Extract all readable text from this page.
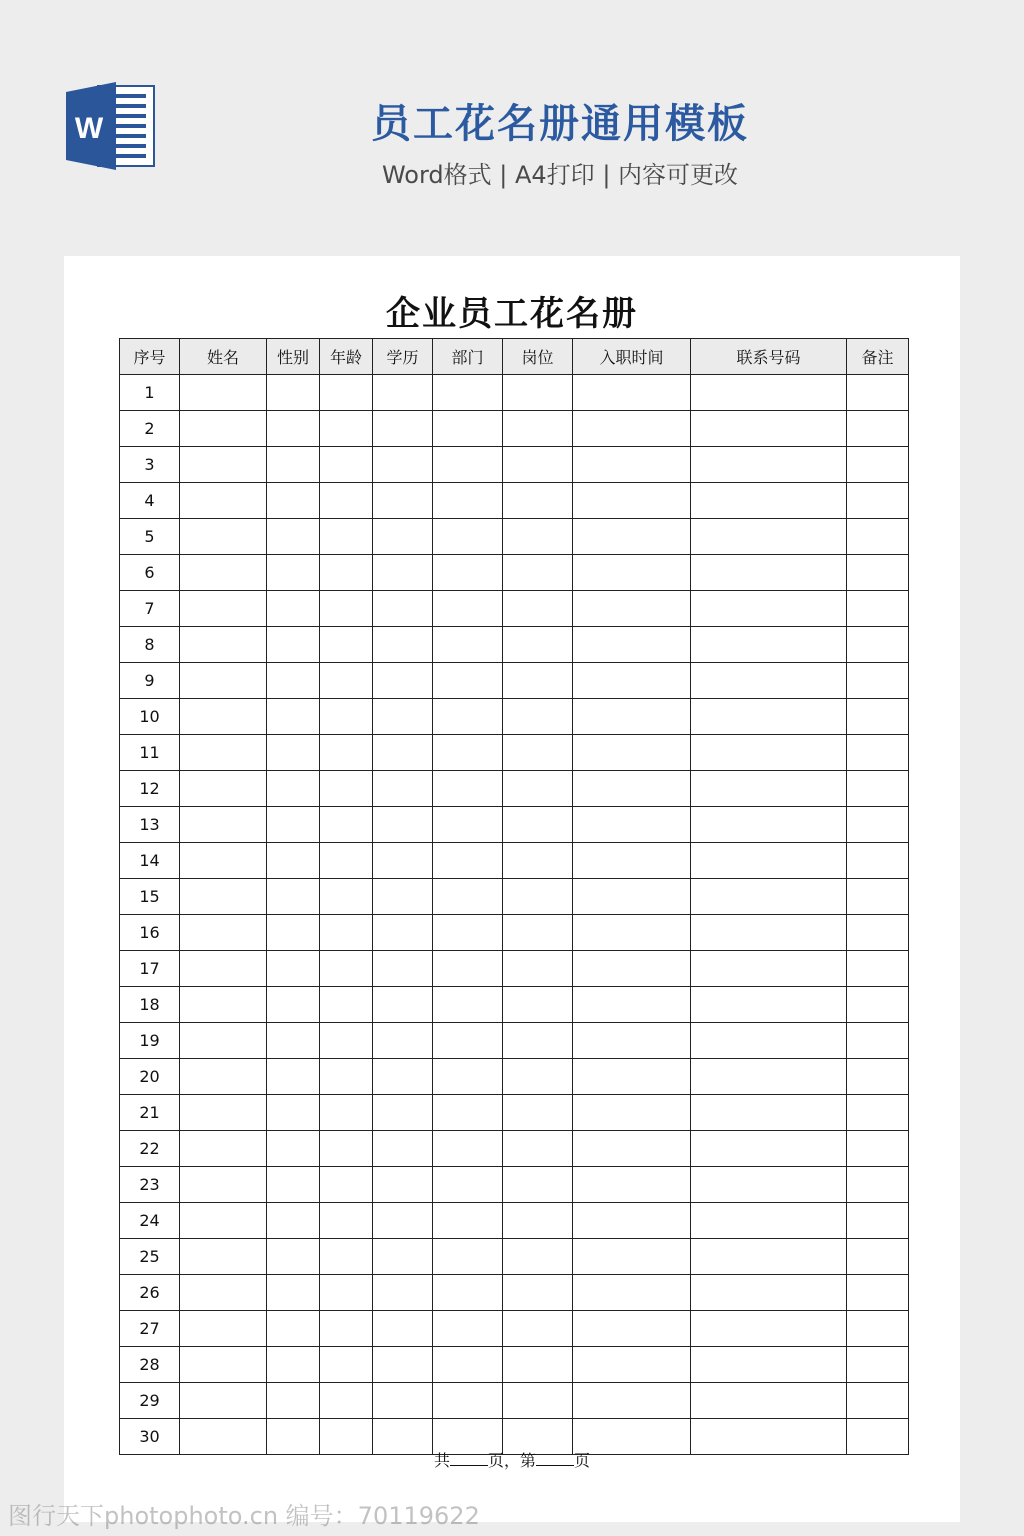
W	员工花名册通用模板
Word格式 | A4打印 | 内容可更改
企业员工花名册
序号	姓名	性别	年龄	学历	部门	岗位	入职时间	联系号码	备注
1									
2									
3									
4									
5									
6									
7									
8									
9									
10									
11									
12									
13									
14									
15									
16									
17									
18									
19									
20									
21									
22									
23									
24									
25									
26									
27									
28									
29									
30									
共 页，第 页
图行天下photophoto.cn 编号：70119622
